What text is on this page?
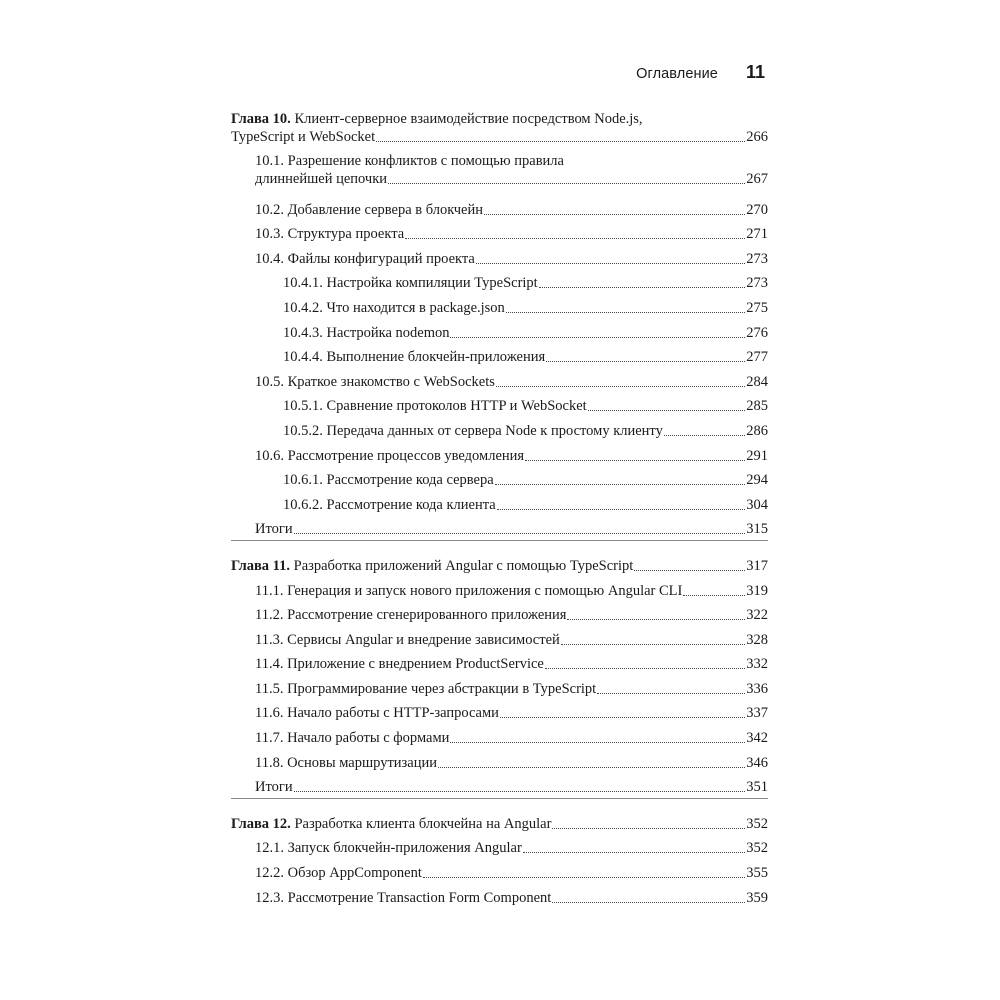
Оглавление 11
Глава 10. Клиент-серверное взаимодействие посредством Node.js,
TypeScript и WebSocket	266
10.1. Разрешение конфликтов с помощью правила
длиннейшей цепочки	267
10.2. Добавление сервера в блокчейн	270
10.3. Структура проекта	271
10.4. Файлы конфигураций проекта	273
10.4.1. Настройка компиляции TypeScript	273
10.4.2. Что находится в package.json	275
10.4.3. Настройка nodemon	276
10.4.4. Выполнение блокчейн-приложения	277
10.5. Краткое знакомство с WebSockets	284
10.5.1. Сравнение протоколов HTTP и WebSocket	285
10.5.2. Передача данных от сервера Node к простому клиенту	286
10.6. Рассмотрение процессов уведомления	291
10.6.1. Рассмотрение кода сервера	294
10.6.2. Рассмотрение кода клиента	304
Итоги	315
Глава 11. Разработка приложений Angular с помощью TypeScript	317
11.1. Генерация и запуск нового приложения с помощью Angular CLI	319
11.2. Рассмотрение сгенерированного приложения	322
11.3. Сервисы Angular и внедрение зависимостей	328
11.4. Приложение с внедрением ProductService	332
11.5. Программирование через абстракции в TypeScript	336
11.6. Начало работы с HTTP-запросами	337
11.7. Начало работы с формами	342
11.8. Основы маршрутизации	346
Итоги	351
Глава 12. Разработка клиента блокчейна на Angular	352
12.1. Запуск блокчейн-приложения Angular	352
12.2. Обзор AppComponent	355
12.3. Рассмотрение Transaction Form Component	359
